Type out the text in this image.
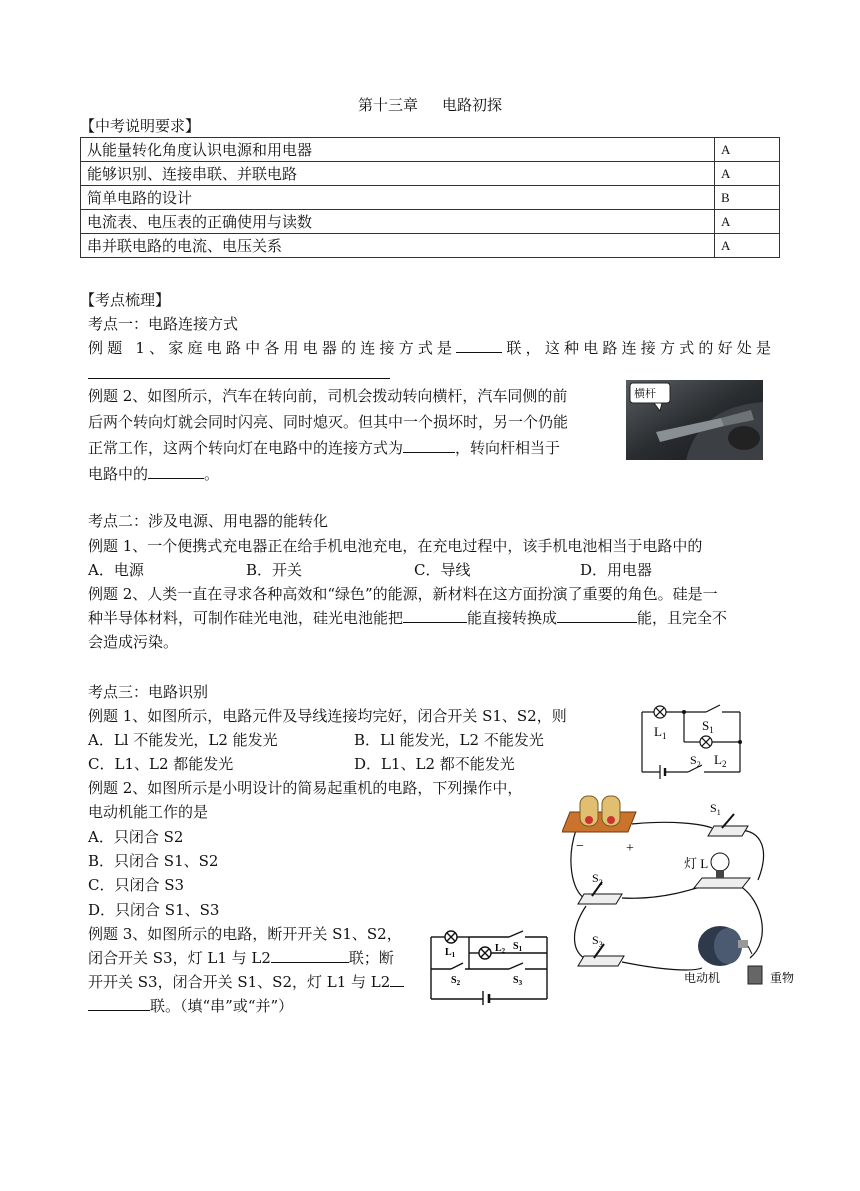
第十三章 电路初探
【中考说明要求】
从能量转化角度认识电源和用电器	A
能够识别、连接串联、并联电路	A
简单电路的设计	B
电流表、电压表的正确使用与读数	A
串并联电路的电流、电压关系	A
【考点梳理】
考点一：电路连接方式
例题 1、家庭电路中各用电器的连接方式是	联，这种电路连接方式的好处是
例题 2、如图所示，汽车在转向前，司机会拨动转向横杆，汽车同侧的前
后两个转向灯就会同时闪亮、同时熄灭。但其中一个损坏时，另一个仍能
正常工作，这两个转向灯在电路中的连接方式为	，转向杆相当于
电路中的	。
横杆
考点二：涉及电源、用电器的能转化
例题 1、一个便携式充电器正在给手机电池充电，在充电过程中，该手机电池相当于电路中的
A．电源	B．开关	C．导线	D．用电器
例题 2、人类一直在寻求各种高效和“绿色”的能源，新材料在这方面扮演了重要的角色。硅是一
种半导体材料，可制作硅光电池，硅光电池能把	能直接转换成	能，且完全不
会造成污染。
考点三：电路识别
例题 1、如图所示，电路元件及导线连接均完好，闭合开关 S1、S2，则
A．Ll 不能发光，L2 能发光	B．Ll 能发光，L2 不能发光
C．L1、L2 都能发光	D．L1、L2 都不能发光
例题 2、如图所示是小明设计的简易起重机的电路，下列操作中，
电动机能工作的是
A．只闭合 S2
B．只闭合 S1、S2
C．只闭合 S3
D．只闭合 S1、S3
例题 3、如图所示的电路，断开开关 S1、S2，
闭合开关 S3，灯 L1 与 L2	联；断
开开关 S3，闭合开关 S1、S2，灯 L1 与 L2
联。（填“串”或“并”）
$L_1$
$S_1$
$S_2$ $L_2$
−	+
$S_1$
灯 L
$S_2$
$S_3$
电动机	重物
$L_1$
$L_2$ $S_1$
$S_2$	$S_3$
